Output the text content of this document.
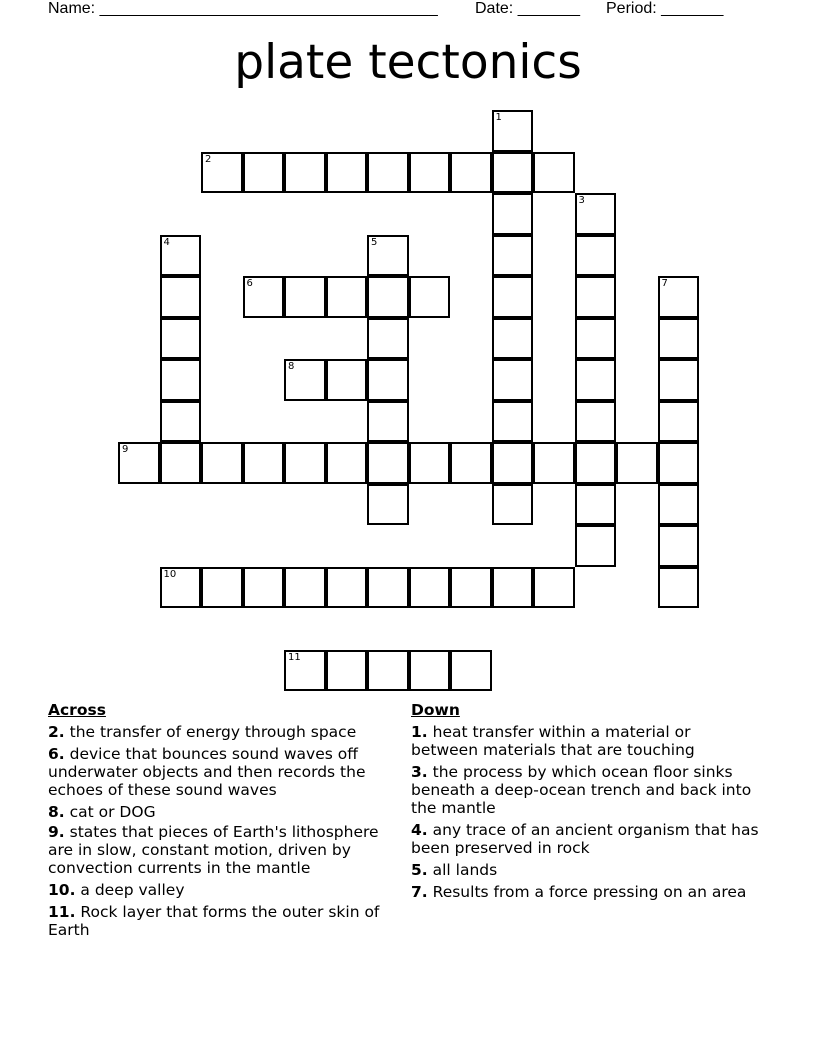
Name: ______________________________________

Date: _______

Period: _______

plate tectonics
1
2
3
4	5
6	7
8
9
10
11
Across
2. the transfer of energy through space
6. device that bounces sound waves off underwater objects and then records the echoes of these sound waves
8. cat or DOG
9. states that pieces of Earth's lithosphere are in slow, constant motion, driven by convection currents in the mantle
10. a deep valley
11. Rock layer that forms the outer skin of Earth
Down
1. heat transfer within a material or between materials that are touching
3. the process by which ocean floor sinks beneath a deep-ocean trench and back into the mantle
4. any trace of an ancient organism that has been preserved in rock
5. all lands
7. Results from a force pressing on an area
